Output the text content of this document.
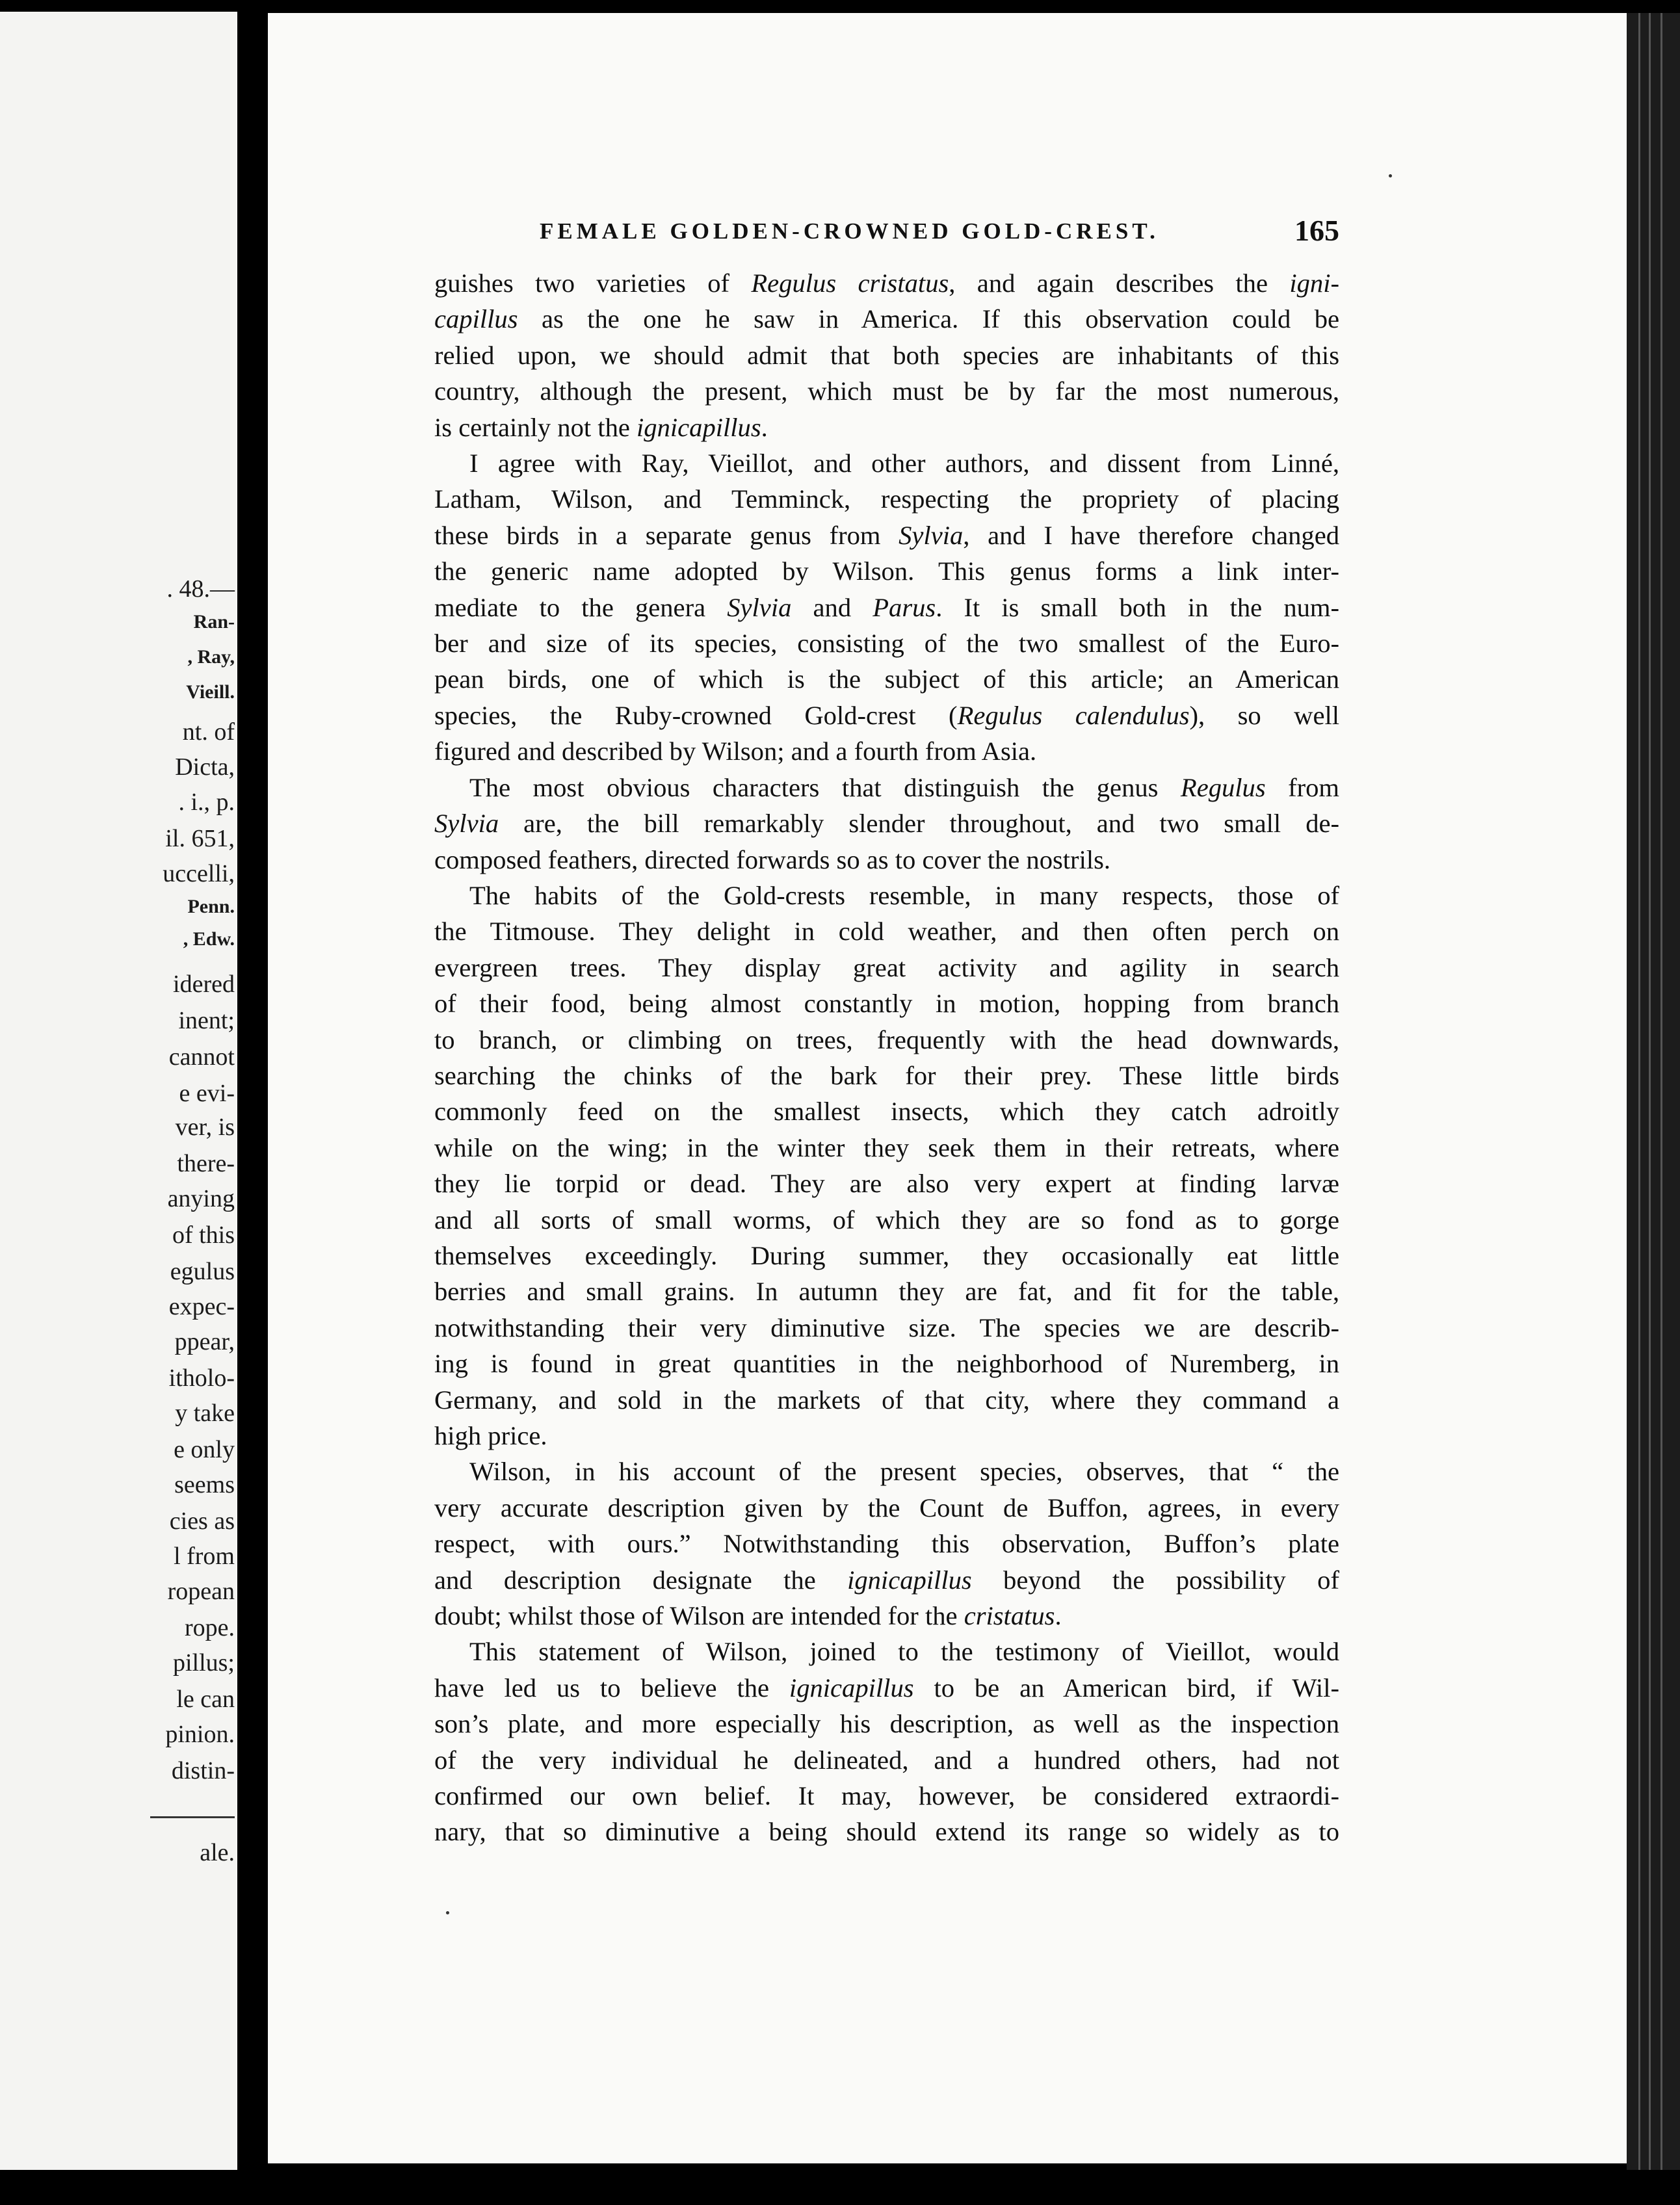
. 48.—
Ran-
, Ray,
Vieill.
nt. of
Dicta,
. i., p.
il. 651,
uccelli,
Penn.
, Edw.
idered
inent;
cannot
e evi-
ver, is
there-
anying
of this
egulus
expec-
ppear,
itholo-
y take
e only
seems
cies as
l from
ropean
rope.
pillus;
le can
pinion.
distin-
ale.
FEMALE GOLDEN-CROWNED GOLD-CREST.	165

guishes two varieties of Regulus cristatus, and again describes the igni-
capillus as the one he saw in America. If this observation could be
relied upon, we should admit that both species are inhabitants of this
country, although the present, which must be by far the most numerous,
is certainly not the ignicapillus.

I agree with Ray, Vieillot, and other authors, and dissent from Linné,
Latham, Wilson, and Temminck, respecting the propriety of placing
these birds in a separate genus from Sylvia, and I have therefore changed
the generic name adopted by Wilson. This genus forms a link inter-
mediate to the genera Sylvia and Parus. It is small both in the num-
ber and size of its species, consisting of the two smallest of the Euro-
pean birds, one of which is the subject of this article; an American
species, the Ruby-crowned Gold-crest (Regulus calendulus), so well
figured and described by Wilson; and a fourth from Asia.

The most obvious characters that distinguish the genus Regulus from
Sylvia are, the bill remarkably slender throughout, and two small de-
composed feathers, directed forwards so as to cover the nostrils.

The habits of the Gold-crests resemble, in many respects, those of
the Titmouse. They delight in cold weather, and then often perch on
evergreen trees. They display great activity and agility in search
of their food, being almost constantly in motion, hopping from branch
to branch, or climbing on trees, frequently with the head downwards,
searching the chinks of the bark for their prey. These little birds
commonly feed on the smallest insects, which they catch adroitly
while on the wing; in the winter they seek them in their retreats, where
they lie torpid or dead. They are also very expert at finding larvæ
and all sorts of small worms, of which they are so fond as to gorge
themselves exceedingly. During summer, they occasionally eat little
berries and small grains. In autumn they are fat, and fit for the table,
notwithstanding their very diminutive size. The species we are describ-
ing is found in great quantities in the neighborhood of Nuremberg, in
Germany, and sold in the markets of that city, where they command a
high price.

Wilson, in his account of the present species, observes, that “ the
very accurate description given by the Count de Buffon, agrees, in every
respect, with ours.” Notwithstanding this observation, Buffon’s plate
and description designate the ignicapillus beyond the possibility of
doubt; whilst those of Wilson are intended for the cristatus.

This statement of Wilson, joined to the testimony of Vieillot, would
have led us to believe the ignicapillus to be an American bird, if Wil-
son’s plate, and more especially his description, as well as the inspection
of the very individual he delineated, and a hundred others, had not
confirmed our own belief. It may, however, be considered extraordi-
nary, that so diminutive a being should extend its range so widely as to
